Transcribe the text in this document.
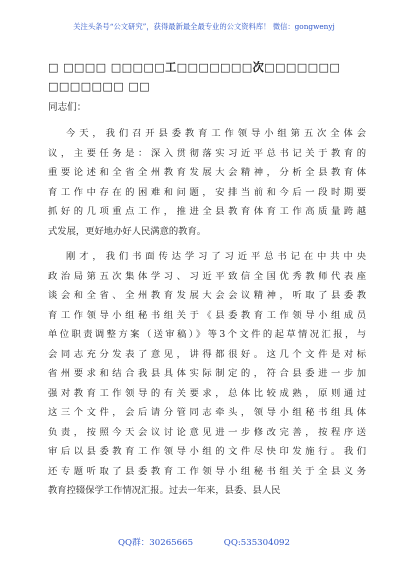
关注头条号“公文研究”，获得最新最全最专业的公文资料库！ 微信：gongwenyj
□ □□□□ □□□□□工□□□□□□□次□□□□□□□
□□□□□□□ □□
同志们：
今天，我们召开县委教育工作领导小组第五次全体会
议，主要任务是：深入贯彻落实习近平总书记关于教育的
重要论述和全省全州教育发展大会精神，分析全县教育体
育工作中存在的困难和问题，安排当前和今后一段时期要
抓好的几项重点工作，推进全县教育体育工作高质量跨越
式发展，更好地办好人民满意的教育。
刚才，我们书面传达学习了习近平总书记在中共中央
政治局第五次集体学习、习近平致信全国优秀教师代表座
谈会和全省、全州教育发展大会会议精神，听取了县委教
育工作领导小组秘书组关于《县委教育工作领导小组成员
单位职责调整方案（送审稿）》等3个文件的起草情况汇报，与
会同志充分发表了意见，讲得都很好。这几个文件是对标
省州要求和结合我县具体实际制定的，符合县委进一步加
强对教育工作领导的有关要求，总体比较成熟，原则通过
这三个文件，会后请分管同志牵头，领导小组秘书组具体
负责，按照今天会议讨论意见进一步修改完善，按程序送
审后以县委教育工作领导小组的文件尽快印发施行。我们
还专题听取了县委教育工作领导小组秘书组关于全县义务
教育控辍保学工作情况汇报。过去一年来，县委、县人民
QQ群：30265665	QQ:535304092
